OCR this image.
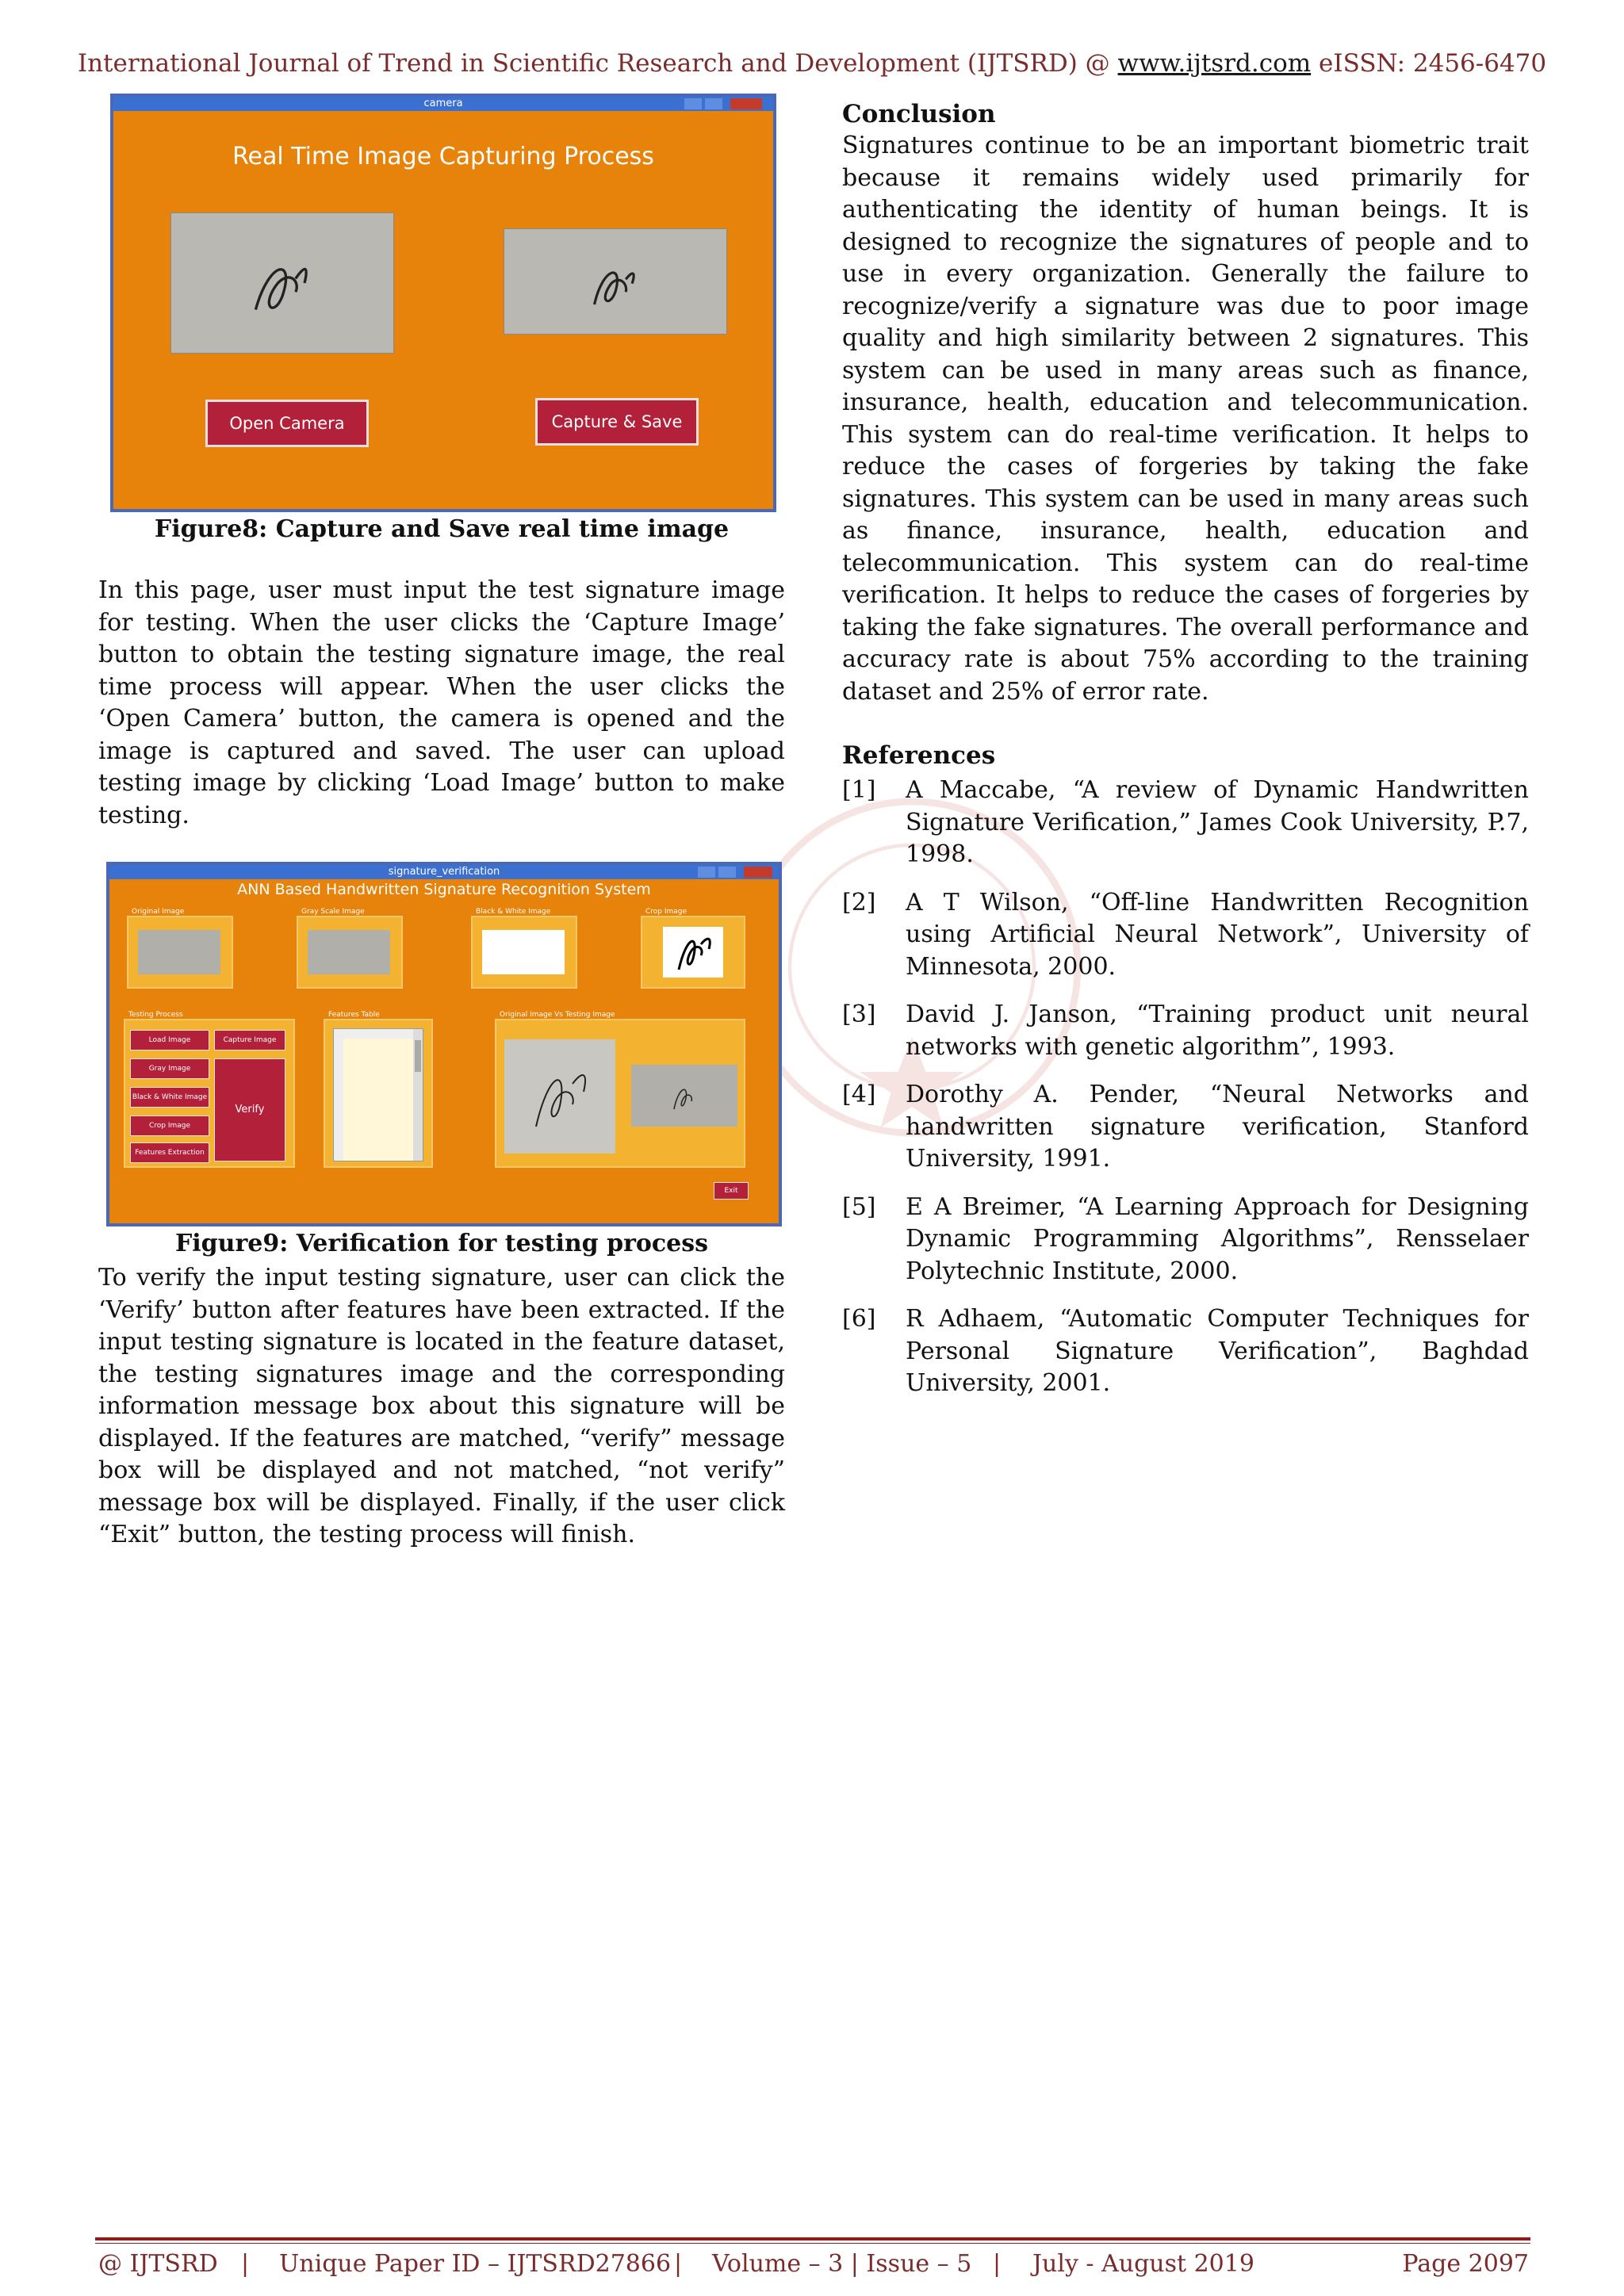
International Journal of Trend in Scientific Research and Development (IJTSRD) @ www.ijtsrd.com eISSN: 2456-6470
camera
Real Time Image Capturing Process
Open Camera	Capture & Save
Figure8: Capture and Save real time image

In this page, user must input the test signature image for testing. When the user clicks the ‘Capture Image’ button to obtain the testing signature image, the real time process will appear. When the user clicks the ‘Open Camera’ button, the camera is opened and the image is captured and saved. The user can upload testing image by clicking ‘Load Image’ button to make testing.

signature_verification
ANN Based Handwritten Signature Recognition System
Original Image	Gray Scale Image	Black & White Image	Crop Image
Testing Process
Load Image	Capture Image
Gray Image
Black & White Image
Crop Image
Features Extraction
Verify
Features Table	Original Image Vs Testing Image
Exit
Figure9: Verification for testing process

To verify the input testing signature, user can click the ‘Verify’ button after features have been extracted. If the input testing signature is located in the feature dataset, the testing signatures image and the corresponding information message box about this signature will be displayed. If the features are matched, “verify” message box will be displayed and not matched, “not verify” message box will be displayed. Finally, if the user click “Exit” button, the testing process will finish.

Conclusion

Signatures continue to be an important biometric trait because it remains widely used primarily for authenticating the identity of human beings. It is designed to recognize the signatures of people and to use in every organization. Generally the failure to recognize/verify a signature was due to poor image quality and high similarity between 2 signatures. This system can be used in many areas such as finance, insurance, health, education and telecommunication. This system can do real-time verification. It helps to reduce the cases of forgeries by taking the fake signatures. This system can be used in many areas such as finance, insurance, health, education and telecommunication. This system can do real-time verification. It helps to reduce the cases of forgeries by taking the fake signatures. The overall performance and accuracy rate is about 75% according to the training dataset and 25% of error rate.

References
[1] A Maccabe, “A review of Dynamic Handwritten Signature Verification,” James Cook University, P.7, 1998.
[2] A T Wilson, “Off-line Handwritten Recognition using Artificial Neural Network”, University of Minnesota, 2000.
[3] David J. Janson, “Training product unit neural networks with genetic algorithm”, 1993.
[4] Dorothy A. Pender, “Neural Networks and handwritten signature verification, Stanford University, 1991.
[5] E A Breimer, “A Learning Approach for Designing Dynamic Programming Algorithms”, Rensselaer Polytechnic Institute, 2000.
[6] R Adhaem, “Automatic Computer Techniques for Personal Signature Verification”, Baghdad University, 2001.
@ IJTSRD | Unique Paper ID – IJTSRD27866 | Volume – 3 | Issue – 5 | July - August 2019	Page 2097
